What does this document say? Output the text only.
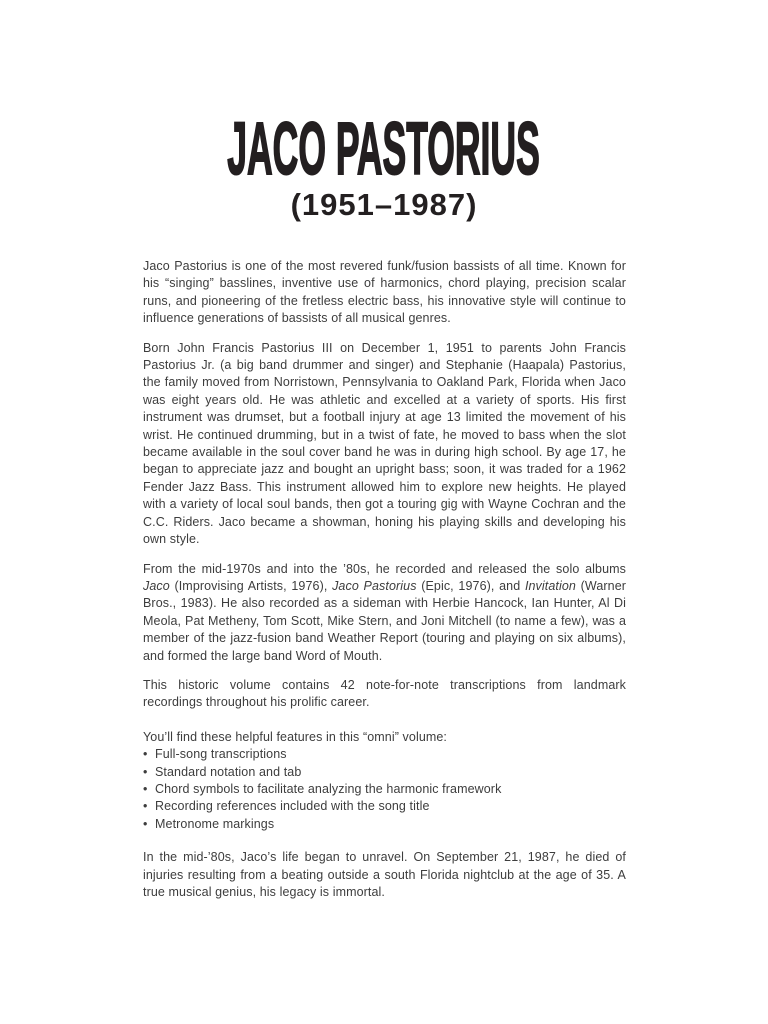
JACO PASTORIUS
(1951–1987)

Jaco Pastorius is one of the most revered funk/fusion bassists of all time. Known for his “singing” basslines, inventive use of harmonics, chord playing, precision scalar runs, and pioneering of the fretless electric bass, his innovative style will continue to influence generations of bassists of all musical genres.

Born John Francis Pastorius III on December 1, 1951 to parents John Francis Pastorius Jr. (a big band drummer and singer) and Stephanie (Haapala) Pastorius, the family moved from Norristown, Pennsylvania to Oakland Park, Florida when Jaco was eight years old. He was athletic and excelled at a variety of sports. His first instrument was drumset, but a football injury at age 13 limited the movement of his wrist. He continued drumming, but in a twist of fate, he moved to bass when the slot became available in the soul cover band he was in during high school. By age 17, he began to appreciate jazz and bought an upright bass; soon, it was traded for a 1962 Fender Jazz Bass. This instrument allowed him to explore new heights. He played with a variety of local soul bands, then got a touring gig with Wayne Cochran and the C.C. Riders. Jaco became a showman, honing his playing skills and developing his own style.

From the mid-1970s and into the ’80s, he recorded and released the solo albums Jaco (Improvising Artists, 1976), Jaco Pastorius (Epic, 1976), and Invitation (Warner Bros., 1983). He also recorded as a sideman with Herbie Hancock, Ian Hunter, Al Di Meola, Pat Metheny, Tom Scott, Mike Stern, and Joni Mitchell (to name a few), was a member of the jazz-fusion band Weather Report (touring and playing on six albums), and formed the large band Word of Mouth.

This historic volume contains 42 note-for-note transcriptions from landmark recordings throughout his prolific career.

You’ll find these helpful features in this “omni” volume:

• Full-song transcriptions
• Standard notation and tab
• Chord symbols to facilitate analyzing the harmonic framework
• Recording references included with the song title
• Metronome markings

In the mid-’80s, Jaco’s life began to unravel. On September 21, 1987, he died of injuries resulting from a beating outside a south Florida nightclub at the age of 35. A true musical genius, his legacy is immortal.
